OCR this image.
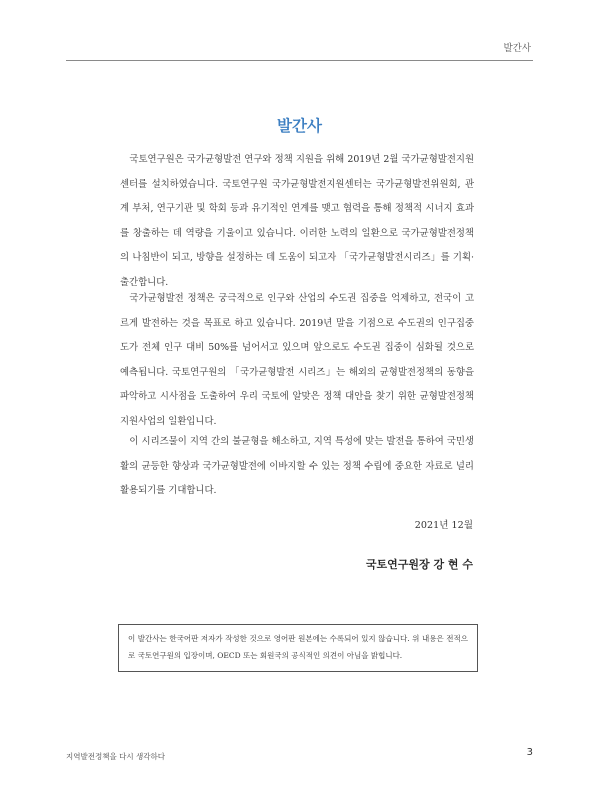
발간사
발간사

국토연구원은 국가균형발전 연구와 정책 지원을 위해 2019년 2월 국가균형발전지원센터를 설치하였습니다. 국토연구원 국가균형발전지원센터는 국가균형발전위원회, 관계 부처, 연구기관 및 학회 등과 유기적인 연계를 맺고 협력을 통해 정책적 시너지 효과를 창출하는 데 역량을 기울이고 있습니다. 이러한 노력의 일환으로 국가균형발전정책의 나침반이 되고, 방향을 설정하는 데 도움이 되고자 「국가균형발전시리즈」를 기획·출간합니다.

국가균형발전 정책은 궁극적으로 인구와 산업의 수도권 집중을 억제하고, 전국이 고르게 발전하는 것을 목표로 하고 있습니다. 2019년 말을 기점으로 수도권의 인구집중도가 전체 인구 대비 50%를 넘어서고 있으며 앞으로도 수도권 집중이 심화될 것으로 예측됩니다. 국토연구원의 「국가균형발전 시리즈」는 해외의 균형발전정책의 동향을 파악하고 시사점을 도출하여 우리 국토에 알맞은 정책 대안을 찾기 위한 균형발전정책 지원사업의 일환입니다.

이 시리즈물이 지역 간의 불균형을 해소하고, 지역 특성에 맞는 발전을 통하여 국민생활의 균등한 향상과 국가균형발전에 이바지할 수 있는 정책 수립에 중요한 자료로 널리 활용되기를 기대합니다.

2021년 12월
국토연구원장 강 현 수

이 발간사는 한국어판 저자가 작성한 것으로 영어판 원본에는 수록되어 있지 않습니다. 위 내용은 전적으로 국토연구원의 입장이며, OECD 또는 회원국의 공식적인 의견이 아님을 밝힙니다.

지역발전정책을 다시 생각하다	3
